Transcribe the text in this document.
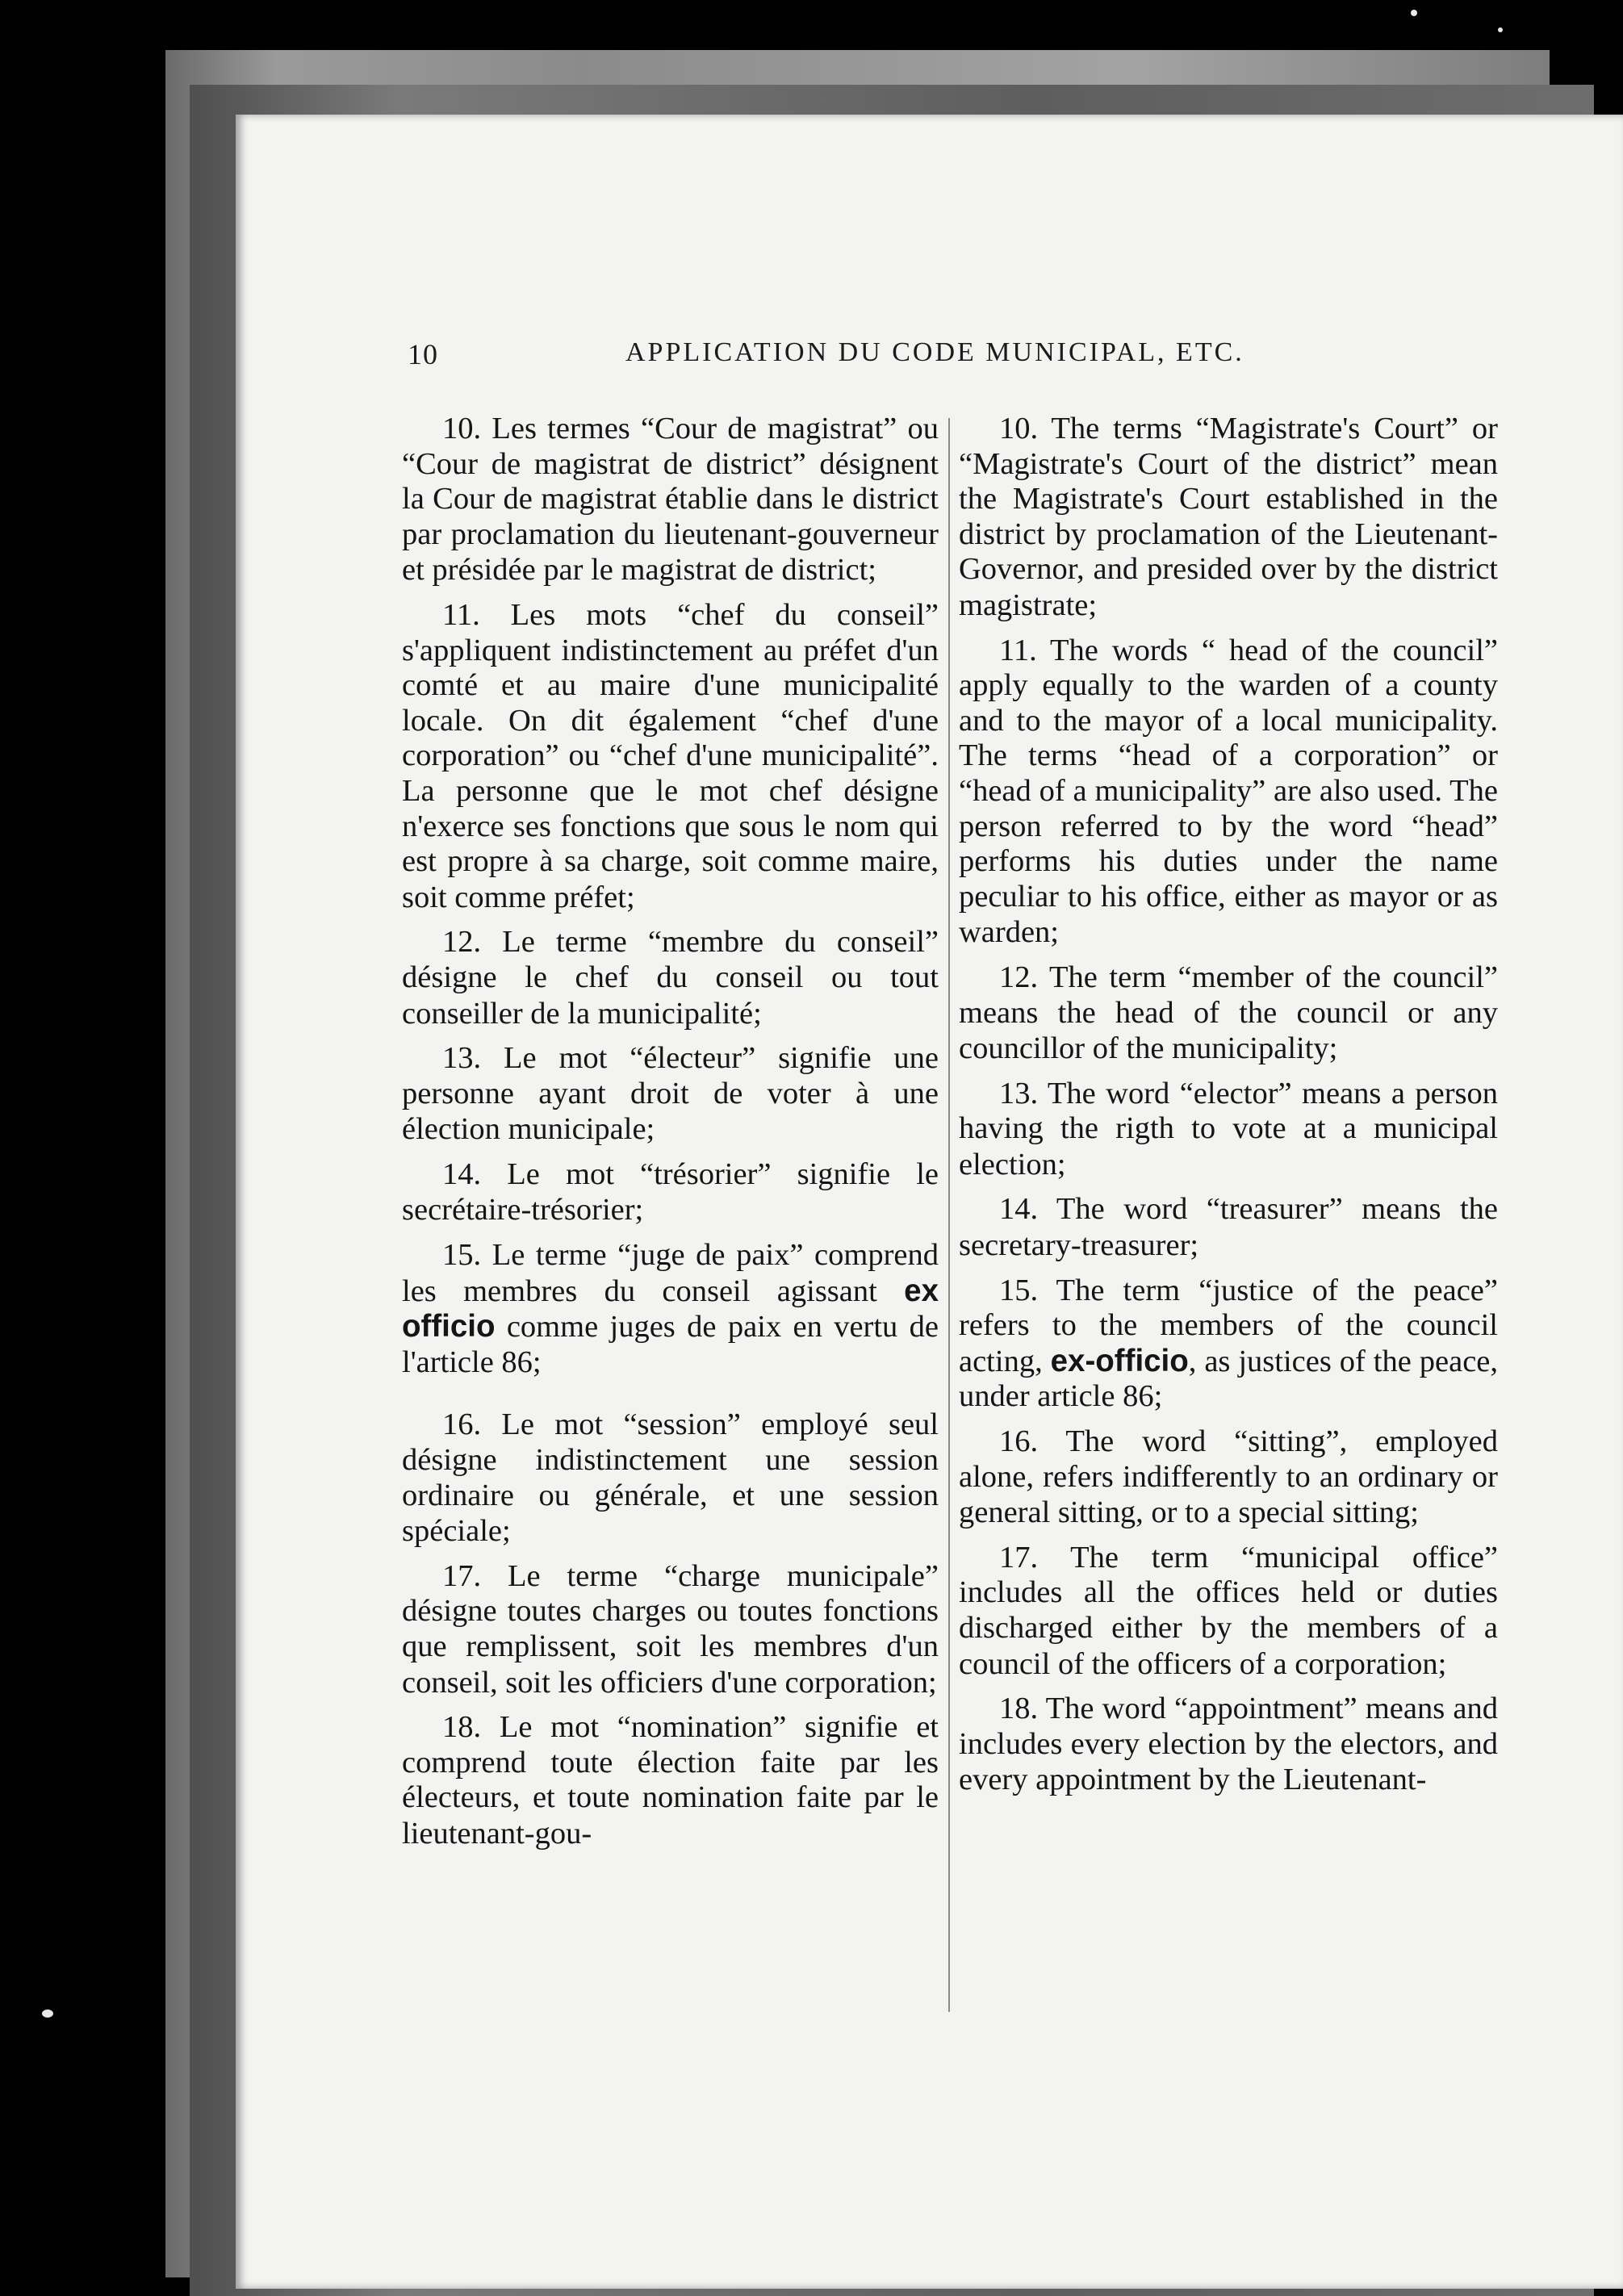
10	APPLICATION DU CODE MUNICIPAL, ETC.

10. Les termes “Cour de magistrat” ou “Cour de magistrat de district” désignent la Cour de magistrat établie dans le district par proclamation du lieutenant-gouverneur et présidée par le magistrat de district;

11. Les mots “chef du conseil” s'appliquent indistinctement au préfet d'un comté et au maire d'une municipalité locale. On dit également “chef d'une corporation” ou “chef d'une municipalité”. La personne que le mot chef désigne n'exerce ses fonctions que sous le nom qui est propre à sa charge, soit comme maire, soit comme préfet;

12. Le terme “membre du conseil” désigne le chef du conseil ou tout conseiller de la municipalité;

13. Le mot “électeur” signifie une personne ayant droit de voter à une élection municipale;

14. Le mot “trésorier” signifie le secrétaire-trésorier;

15. Le terme “juge de paix” comprend les membres du conseil agissant ex officio comme juges de paix en vertu de l'article 86;

16. Le mot “session” employé seul désigne indistinctement une session ordinaire ou générale, et une session spéciale;

17. Le terme “charge municipale” désigne toutes charges ou toutes fonctions que remplissent, soit les membres d'un conseil, soit les officiers d'une corporation;

18. Le mot “nomination” signifie et comprend toute élection faite par les électeurs, et toute nomination faite par le lieutenant-gou-

10. The terms “Magistrate's Court” or “Magistrate's Court of the district” mean the Magistrate's Court established in the district by proclamation of the Lieutenant-Governor, and presided over by the district magistrate;

11. The words “ head of the council” apply equally to the warden of a county and to the mayor of a local municipality. The terms “head of a corporation” or “head of a municipality” are also used. The person referred to by the word “head” performs his duties under the name peculiar to his office, either as mayor or as warden;

12. The term “member of the council” means the head of the council or any councillor of the municipality;

13. The word “elector” means a person having the rigth to vote at a municipal election;

14. The word “treasurer” means the secretary-treasurer;

15. The term “justice of the peace” refers to the members of the council acting, ex-officio, as justices of the peace, under article 86;

16. The word “sitting”, employed alone, refers indifferently to an ordinary or general sitting, or to a special sitting;

17. The term “municipal office” includes all the offices held or duties discharged either by the members of a council of the officers of a corporation;

18. The word “appointment” means and includes every election by the electors, and every appointment by the Lieutenant-
